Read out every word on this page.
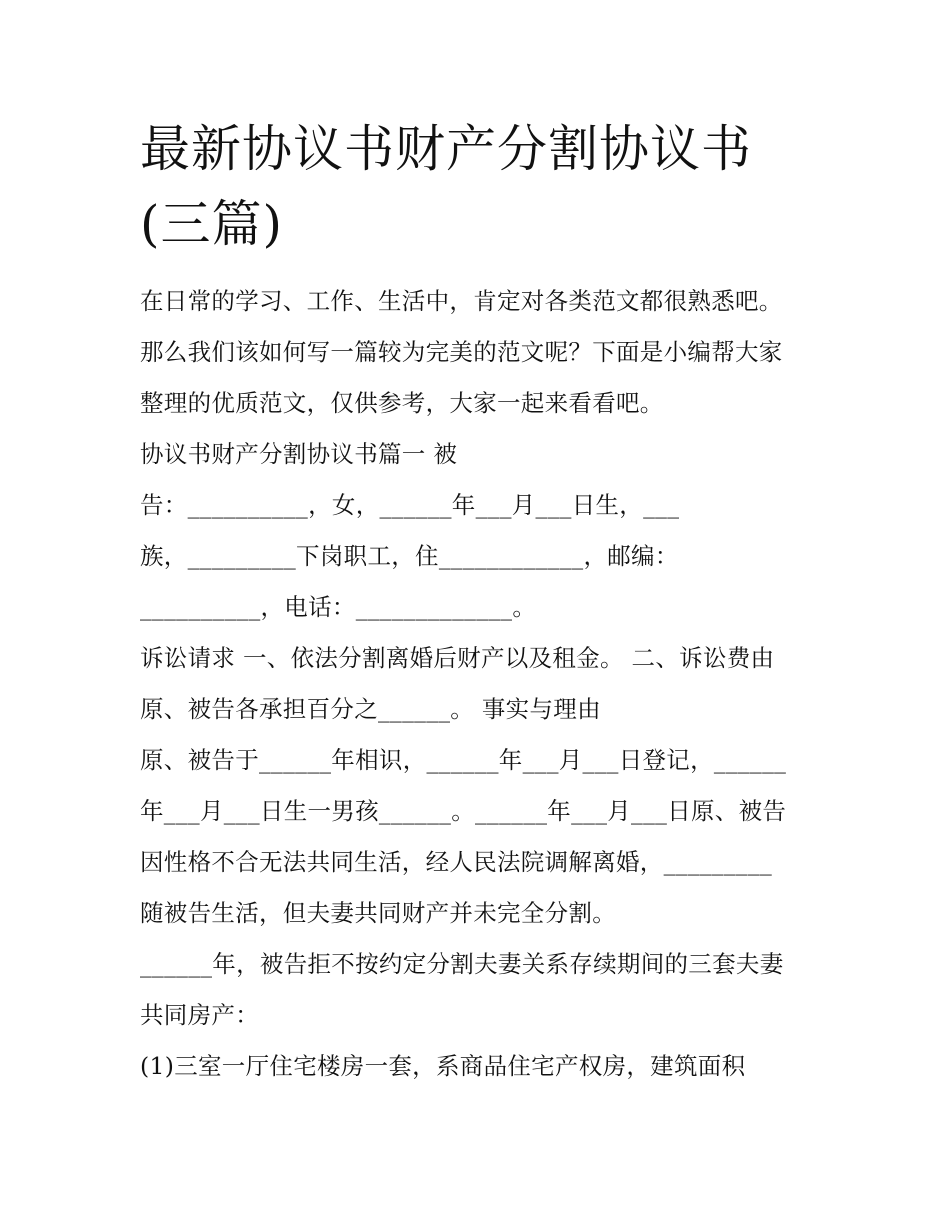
最新协议书财产分割协议书(三篇)

在日常的学习、工作、生活中，肯定对各类范文都很熟悉吧。

那么我们该如何写一篇较为完美的范文呢？下面是小编帮大家

整理的优质范文，仅供参考，大家一起来看看吧。

协议书财产分割协议书篇一 被

告：__________，女，______年___月___日生，___

族，_________下岗职工，住____________，邮编：

__________，电话：_____________。

诉讼请求 一、依法分割离婚后财产以及租金。 二、诉讼费由

原、被告各承担百分之______。 事实与理由

原、被告于______年相识，______年___月___日登记，______

年___月___日生一男孩______。______年___月___日原、被告

因性格不合无法共同生活，经人民法院调解离婚，_________

随被告生活，但夫妻共同财产并未完全分割。

______年，被告拒不按约定分割夫妻关系存续期间的三套夫妻

共同房产：

(1)三室一厅住宅楼房一套，系商品住宅产权房，建筑面积
